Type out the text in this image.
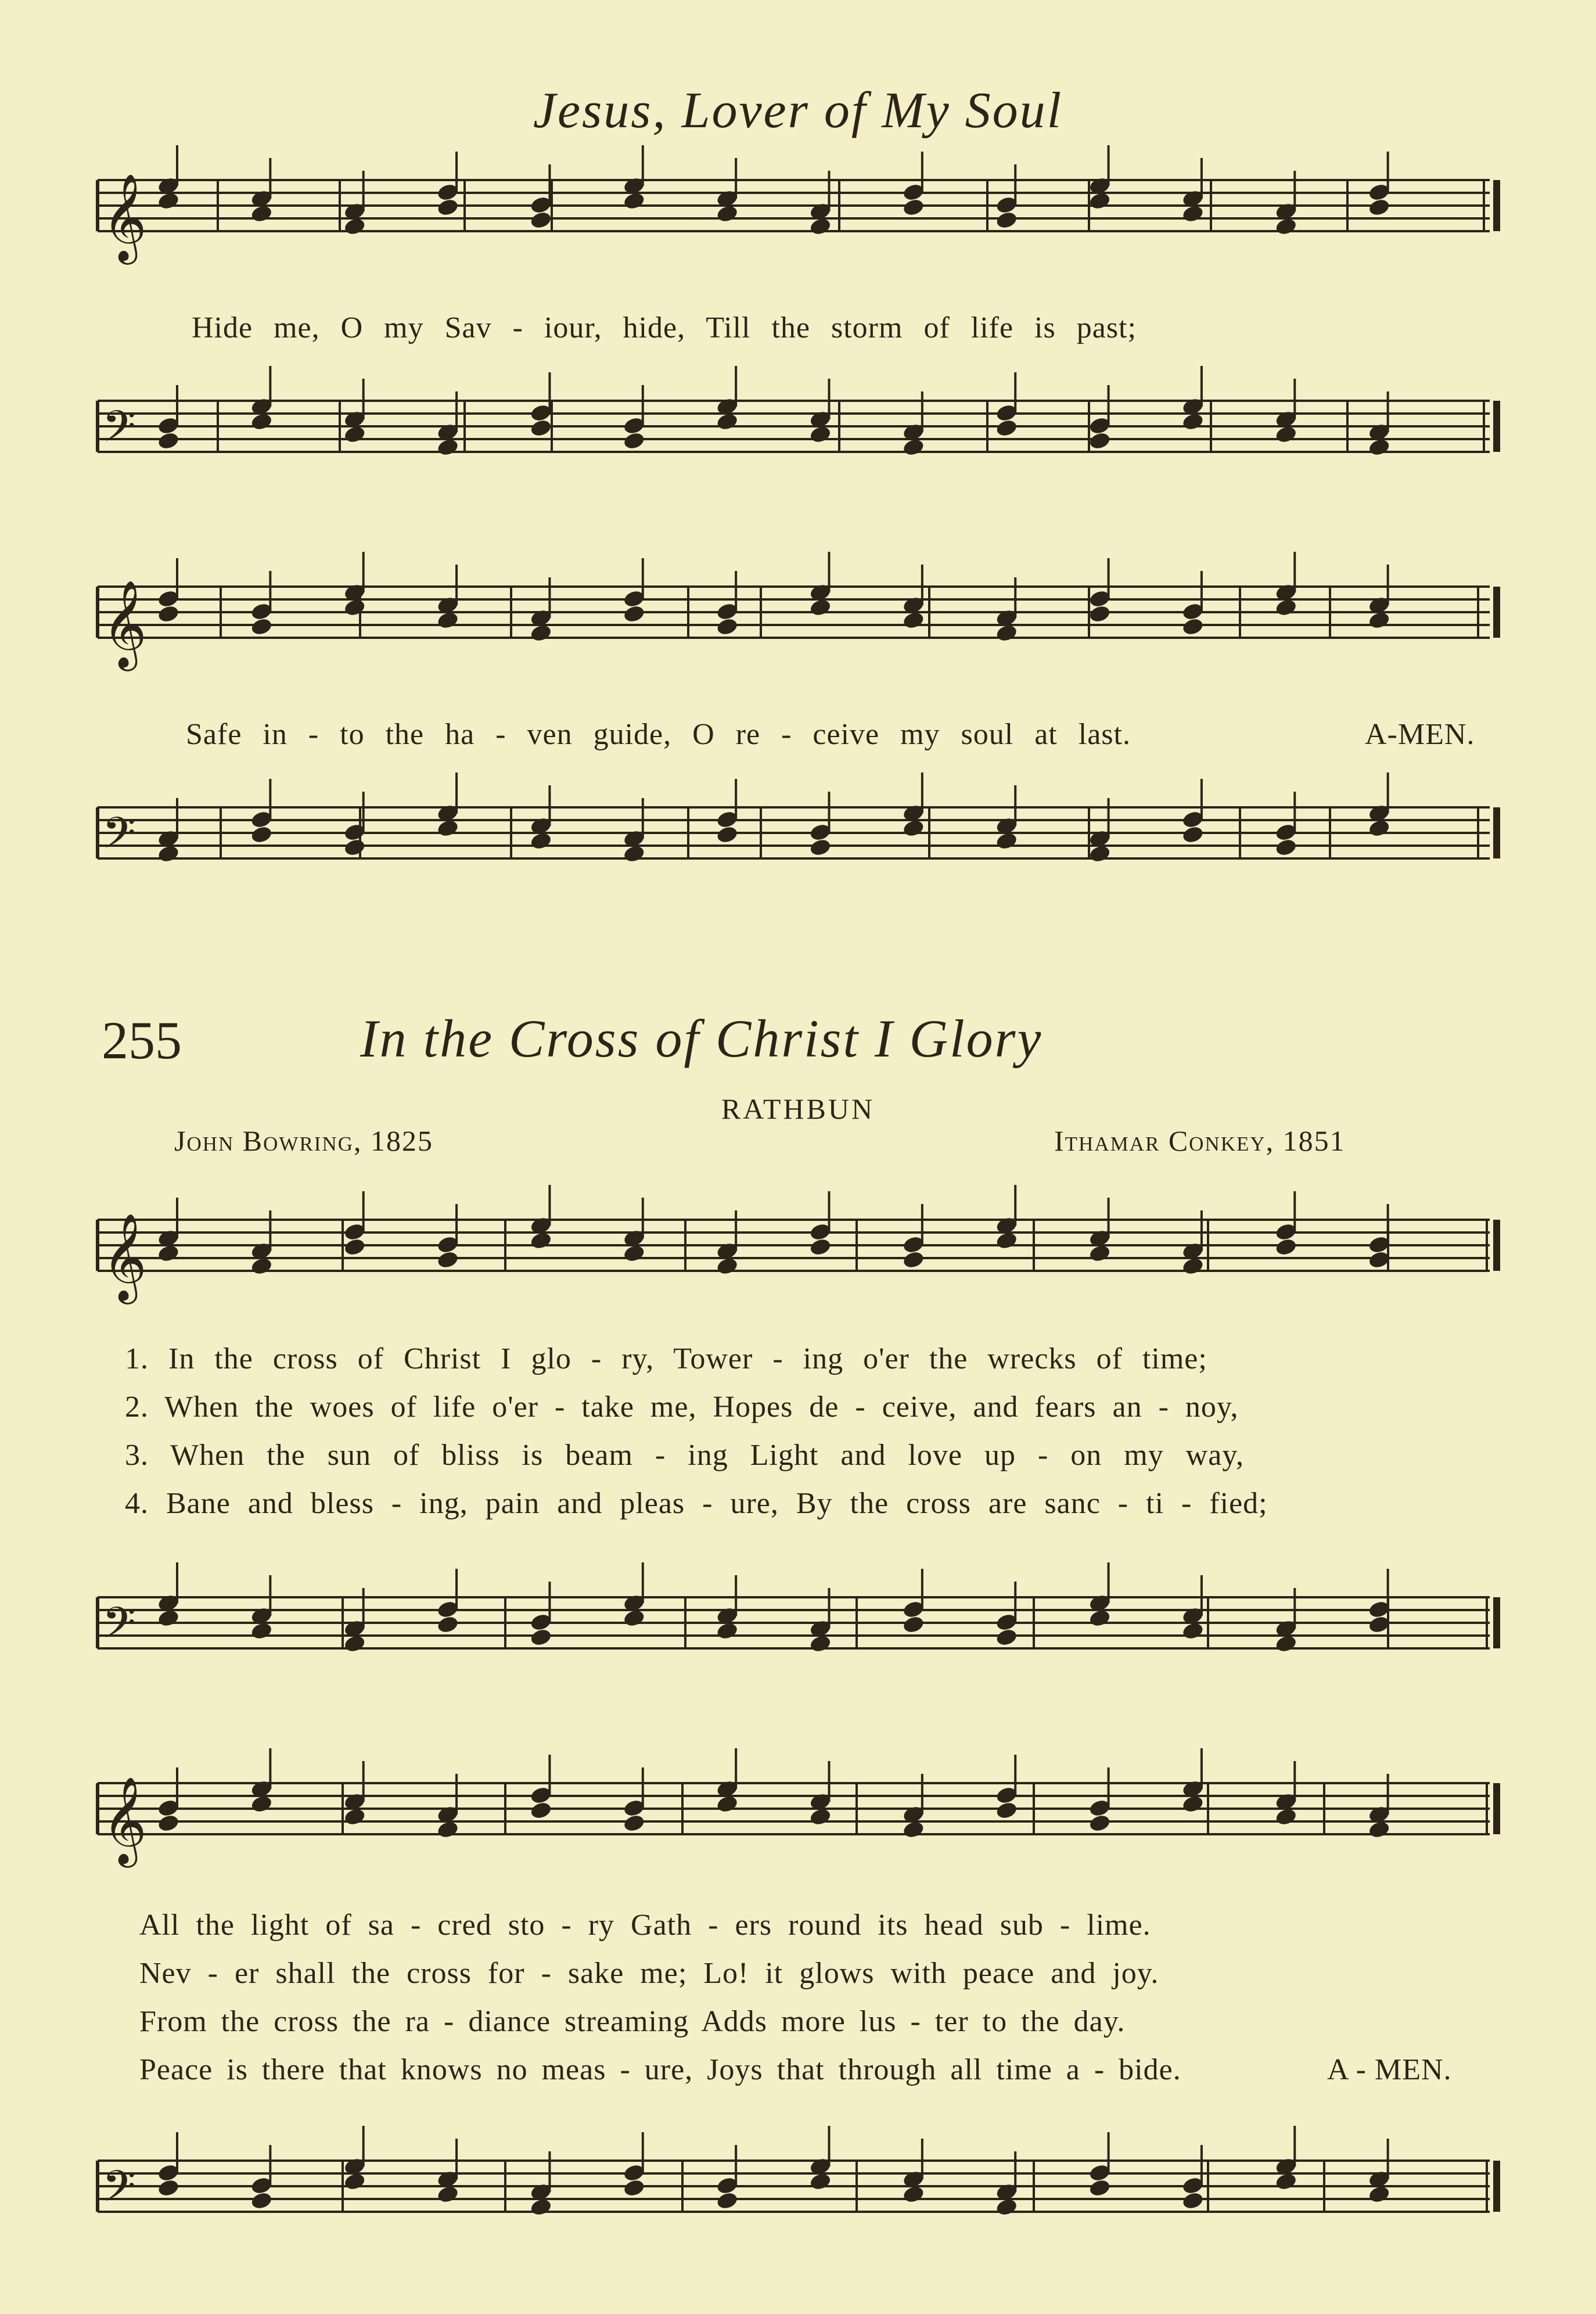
Jesus, Lover of My Soul
𝄞
𝄢
𝄞
𝄢
𝄞
𝄢
𝄞
𝄢
Hide me, O my Sav - iour, hide, Till the storm of life is past;
Safe in - to the ha - ven guide, O re - ceive my soul at last.	A-MEN.
255	In the Cross of Christ I Glory
RATHBUN
John Bowring, 1825	Ithamar Conkey, 1851
1. In the cross of Christ I glo - ry, Tower - ing o'er the wrecks of time;
2. When the woes of life o'er - take me, Hopes de - ceive, and fears an - noy,
3. When the sun of bliss is beam - ing Light and love up - on my way,
4. Bane and bless - ing, pain and pleas - ure, By the cross are sanc - ti - fied;
All the light of sa - cred sto - ry Gath - ers round its head sub - lime.
Nev - er shall the cross for - sake me; Lo! it glows with peace and joy.
From the cross the ra - diance streaming Adds more lus - ter to the day.
Peace is there that knows no meas - ure, Joys that through all time a - bide.	A - MEN.
